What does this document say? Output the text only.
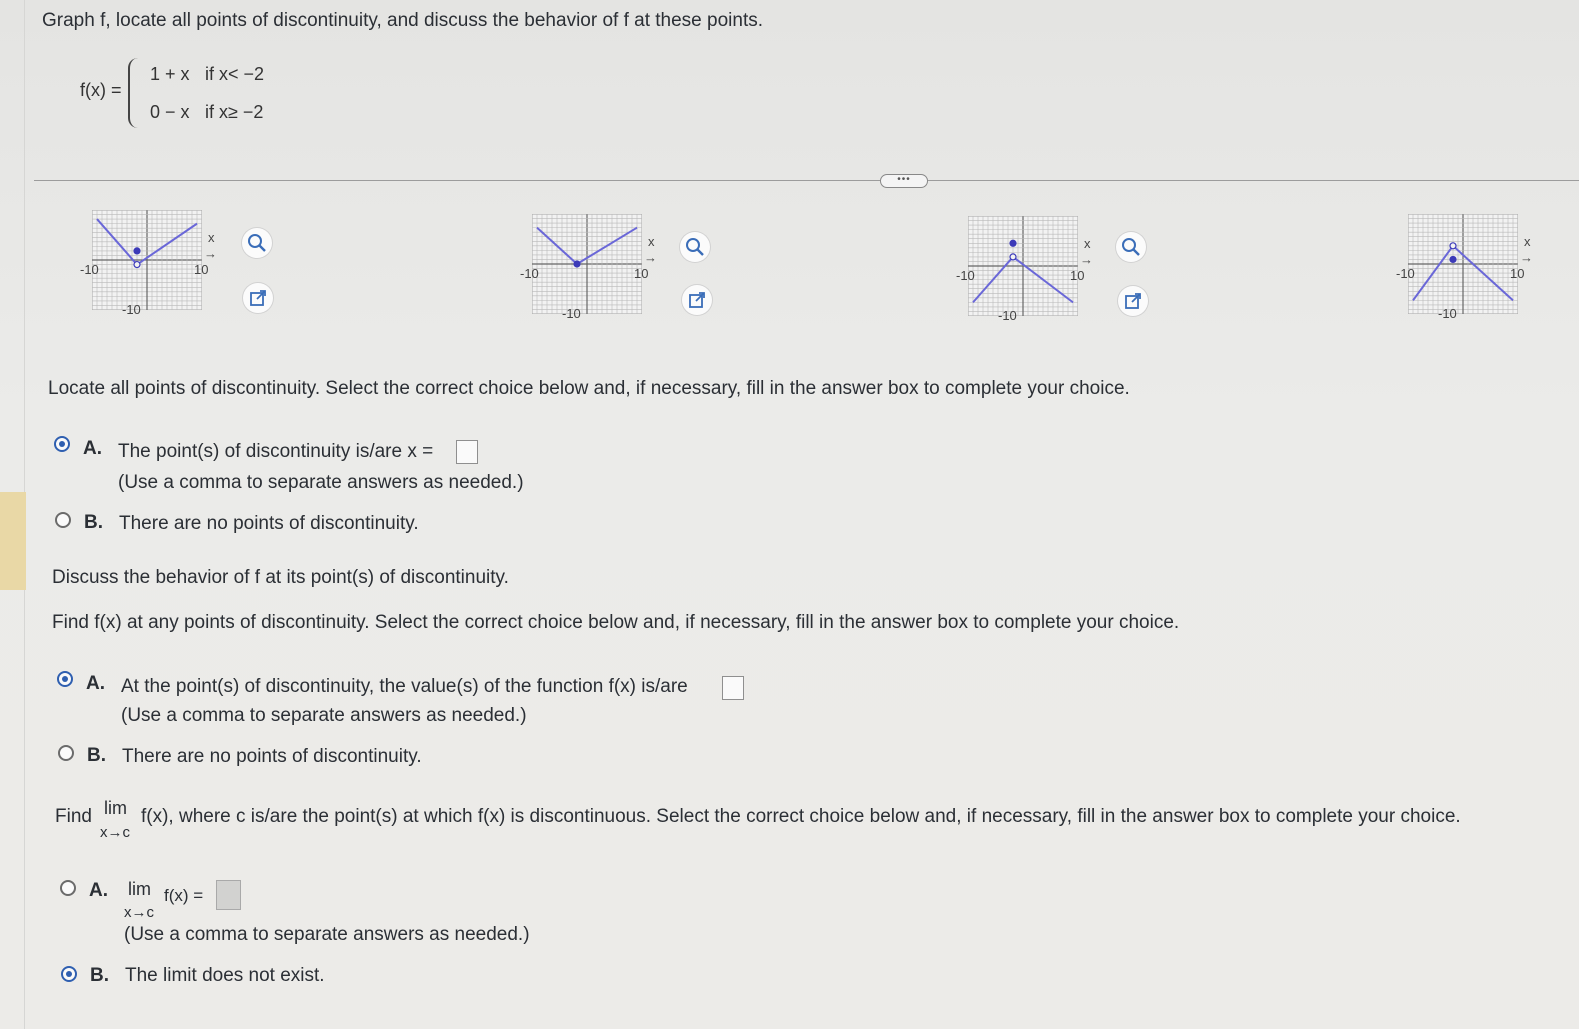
Graph f, locate all points of discontinuity, and discuss the behavior of f at these points.
f(x) =
1 + x if x< −2
0 − x if x≥ −2
•••
x
-10	10
-10
→
x
-10	10
-10
→
x
-10	10
-10
→
x
-10	10
-10
→
Locate all points of discontinuity. Select the correct choice below and, if necessary, fill in the answer box to complete your choice.
A. The point(s) of discontinuity is/are x =
(Use a comma to separate answers as needed.)
B. There are no points of discontinuity.
Discuss the behavior of f at its point(s) of discontinuity.
Find f(x) at any points of discontinuity. Select the correct choice below and, if necessary, fill in the answer box to complete your choice.
A. At the point(s) of discontinuity, the value(s) of the function f(x) is/are
(Use a comma to separate answers as needed.)
B. There are no points of discontinuity.
Find lim
x→c
f(x), where c is/are the point(s) at which f(x) is discontinuous. Select the correct choice below and, if necessary, fill in the answer box to complete your choice.
A. lim
x→c
f(x) =
(Use a comma to separate answers as needed.)
B. The limit does not exist.
